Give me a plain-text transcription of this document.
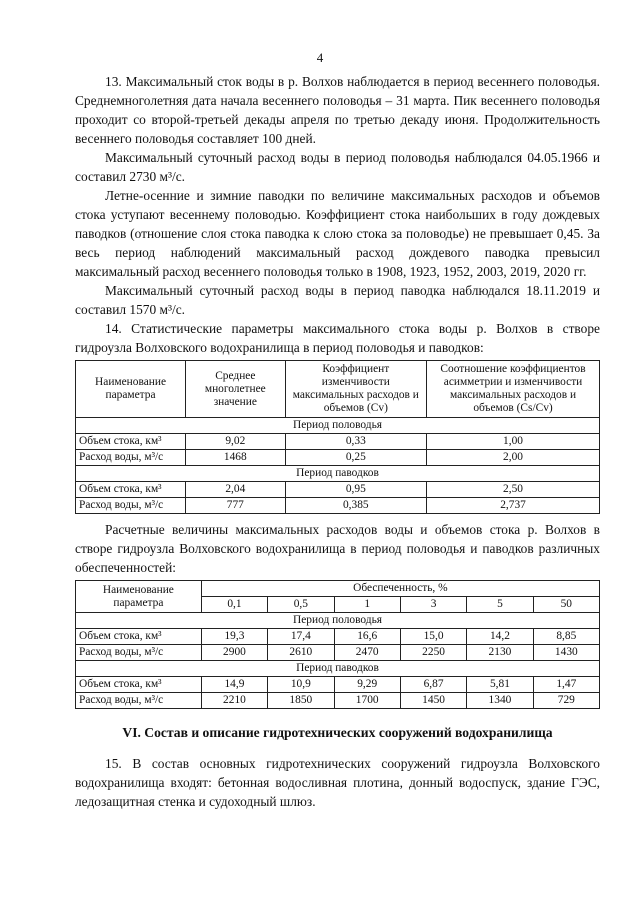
4

13. Максимальный сток воды в р. Волхов наблюдается в период весеннего половодья. Среднемноголетняя дата начала весеннего половодья – 31 марта. Пик весеннего половодья проходит со второй-третьей декады апреля по третью декаду июня. Продолжительность весеннего половодья составляет 100 дней.

Максимальный суточный расход воды в период половодья наблюдался 04.05.1966 и составил 2730 м³/с.

Летне-осенние и зимние паводки по величине максимальных расходов и объемов стока уступают весеннему половодью. Коэффициент стока наибольших в году дождевых паводков (отношение слоя стока паводка к слою стока за половодье) не превышает 0,45. За весь период наблюдений максимальный расход дождевого паводка превысил максимальный расход весеннего половодья только в 1908, 1923, 1952, 2003, 2019, 2020 гг.

Максимальный суточный расход воды в период паводка наблюдался 18.11.2019 и составил 1570 м³/с.

14. Статистические параметры максимального стока воды р. Волхов в створе гидроузла Волховского водохранилища в период половодья и паводков:

Наименование параметра	Среднее многолетнее значение	Коэффициент изменчивости максимальных расходов и объемов (Cv)	Соотношение коэффициентов асимметрии и изменчивости максимальных расходов и объемов (Cs/Cv)
Период половодья			
Объем стока, км³	9,02	0,33	1,00
Расход воды, м³/с	1468	0,25	2,00
Период паводков			
Объем стока, км³	2,04	0,95	2,50
Расход воды, м³/с	777	0,385	2,737

Расчетные величины максимальных расходов воды и объемов стока р. Волхов в створе гидроузла Волховского водохранилища в период половодья и паводков различных обеспеченностей:

Наименование параметра	Обеспеченность, %					
	0,1	0,5	1	3	5	50
Период половодья						
Объем стока, км³	19,3	17,4	16,6	15,0	14,2	8,85
Расход воды, м³/с	2900	2610	2470	2250	2130	1430
Период паводков						
Объем стока, км³	14,9	10,9	9,29	6,87	5,81	1,47
Расход воды, м³/с	2210	1850	1700	1450	1340	729
VI. Состав и описание гидротехнических сооружений водохранилища

15. В состав основных гидротехнических сооружений гидроузла Волховского водохранилища входят: бетонная водосливная плотина, донный водоспуск, здание ГЭС, ледозащитная стенка и судоходный шлюз.
